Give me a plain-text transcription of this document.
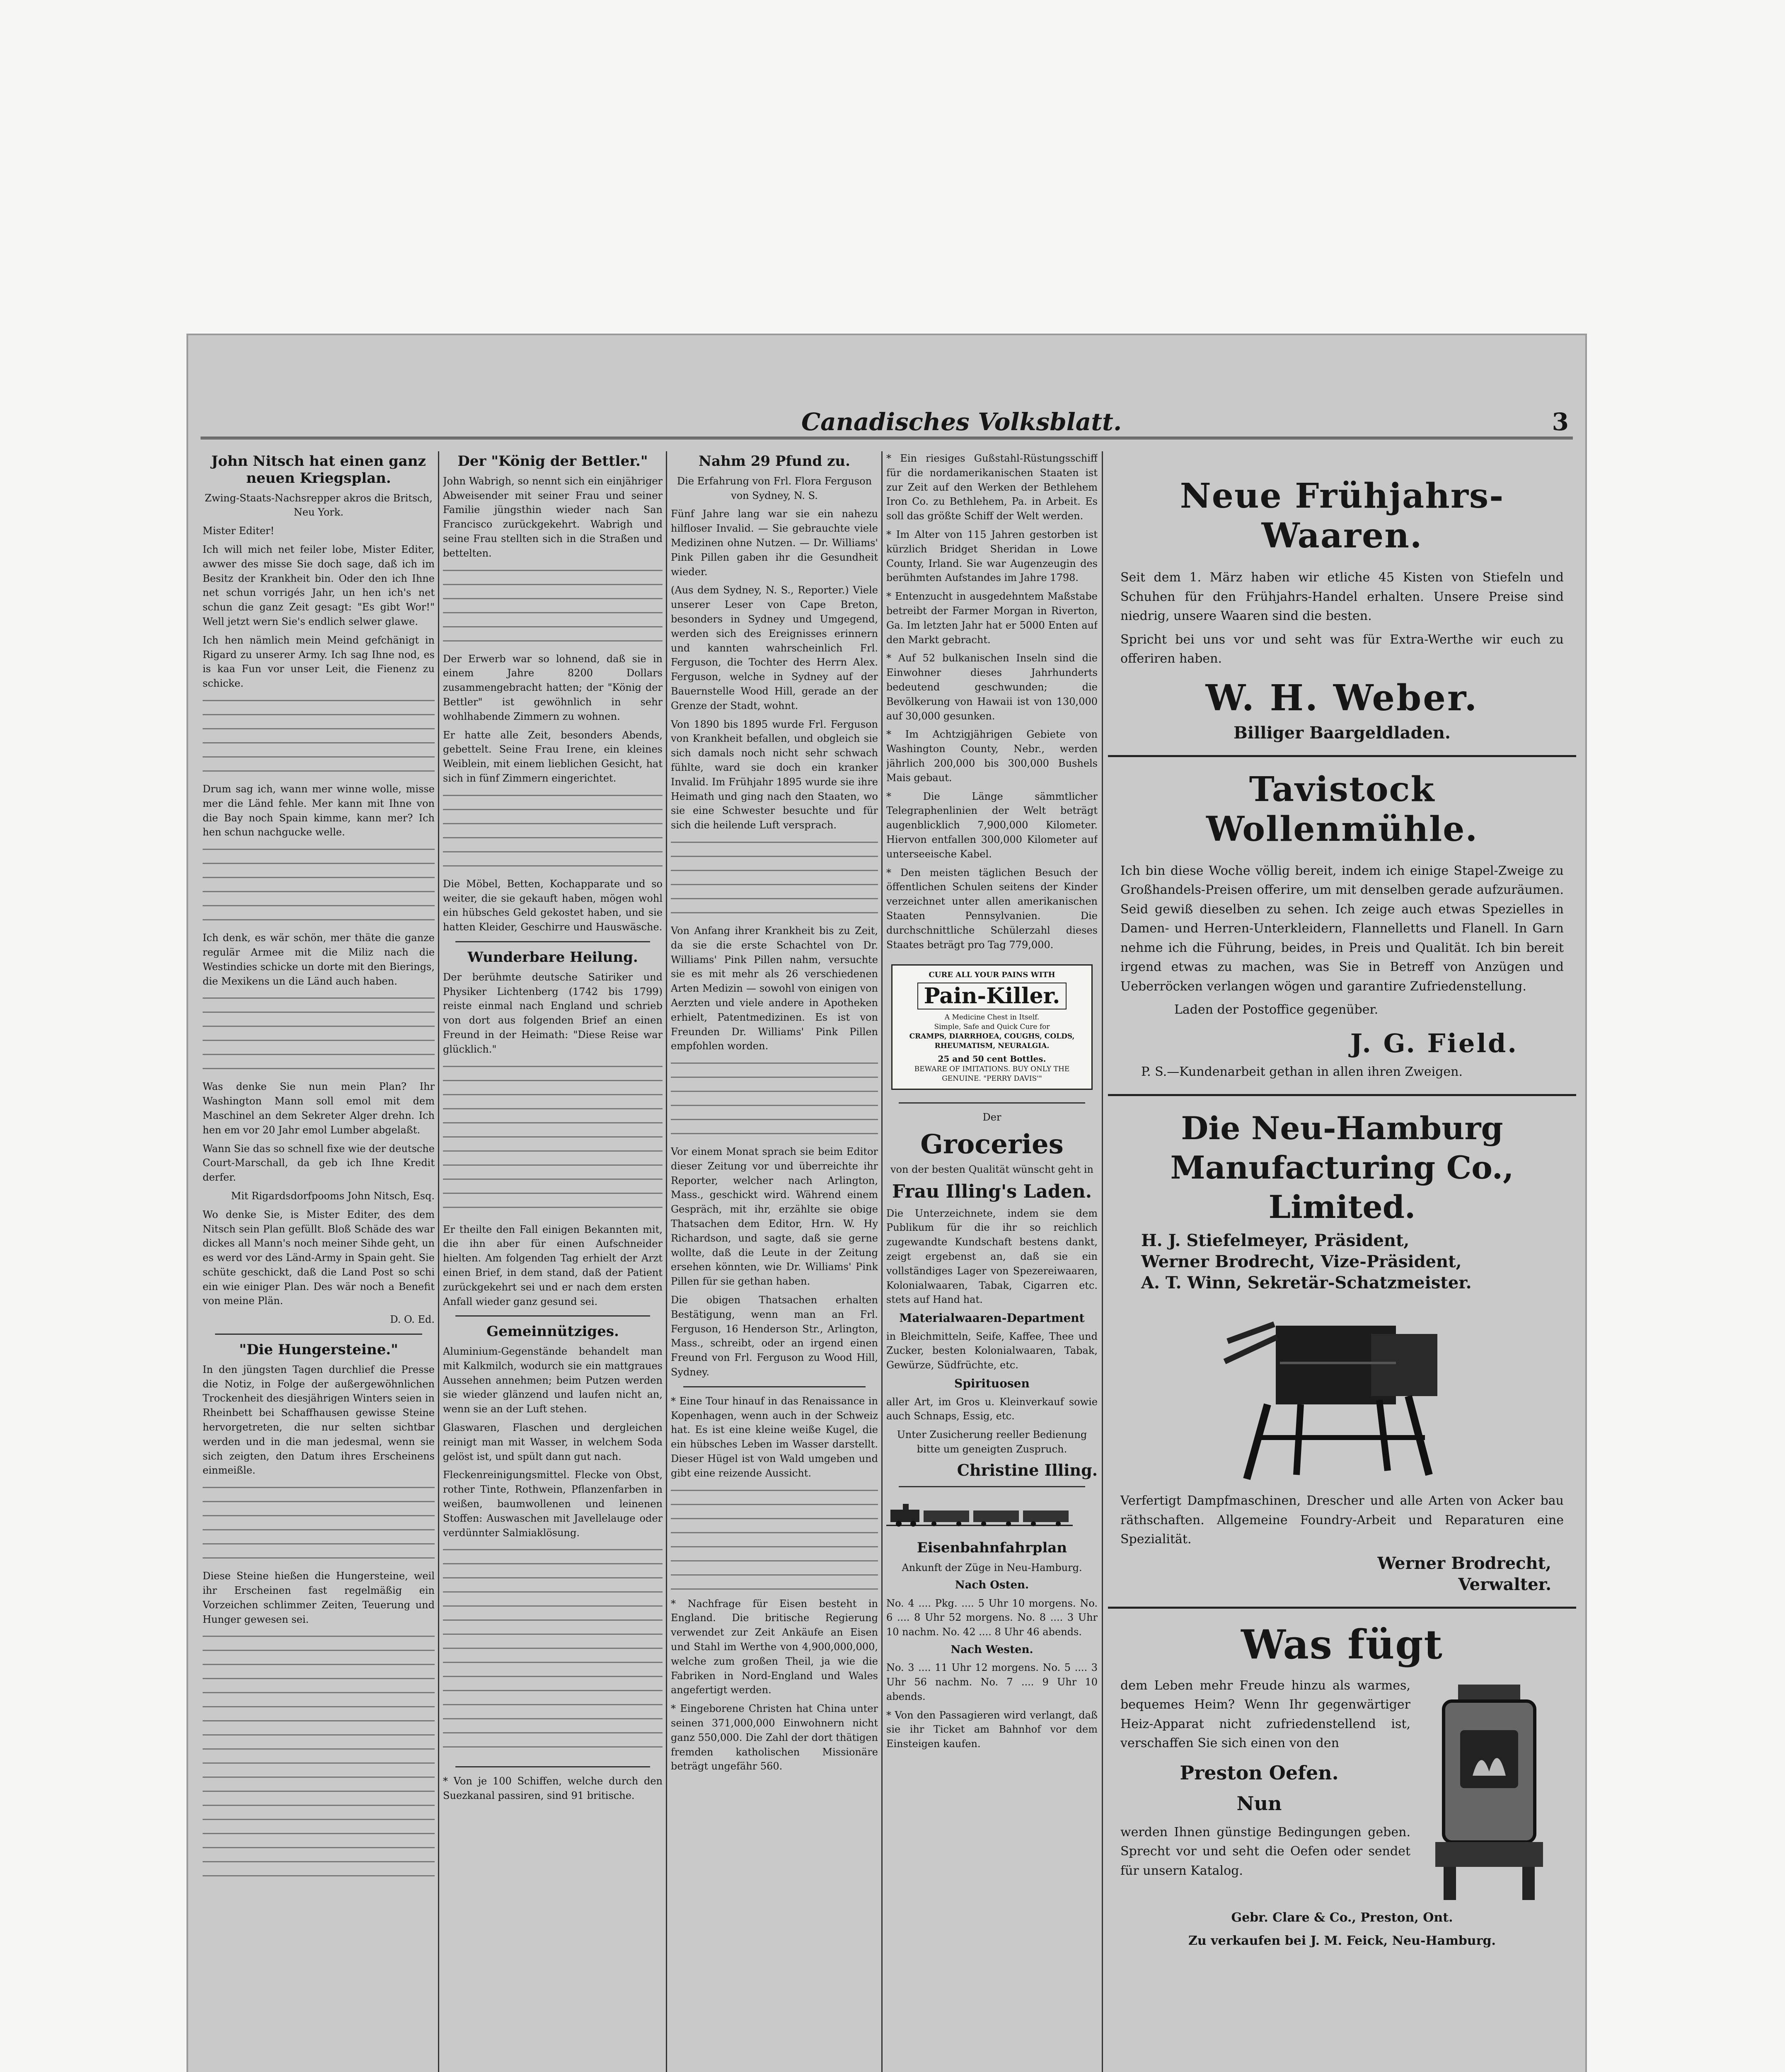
Canadisches Volksblatt.	3
John Nitsch hat einen ganz neuen Kriegsplan.

Zwing-Staats-Nachsrepper akros die Britsch, Neu York.

Mister Editer!

Ich will mich net feiler lobe, Mister Editer, awwer des misse Sie doch sage, daß ich im Besitz der Krankheit bin. Oder den ich Ihne net schun vorrigés Jahr, un hen ich's net schun die ganz Zeit gesagt: "Es gibt Wor!" Well jetzt wern Sie's endlich selwer glawe.

Ich hen nämlich mein Meind gefchänigt in Rigard zu unserer Army. Ich sag Ihne nod, es is kaa Fun vor unser Leit, die Fienenz zu schicke.

Drum sag ich, wann mer winne wolle, misse mer die Länd fehle. Mer kann mit Ihne von die Bay noch Spain kimme, kann mer? Ich hen schun nachgucke welle.

Ich denk, es wär schön, mer thäte die ganze regulär Armee mit die Miliz nach die Westindies schicke un dorte mit den Bierings, die Mexikens un die Länd auch haben.

Was denke Sie nun mein Plan? Ihr Washington Mann soll emol mit dem Maschinel an dem Sekreter Alger drehn. Ich hen em vor 20 Jahr emol Lumber abgelaßt.

Wann Sie das so schnell fixe wie der deutsche Court-Marschall, da geb ich Ihne Kredit derfer.

Mit Rigardsdorfpooms John Nitsch, Esq.

Wo denke Sie, is Mister Editer, des dem Nitsch sein Plan gefüllt. Bloß Schäde des war dickes all Mann's noch meiner Sihde geht, un es werd vor des Länd-Army in Spain geht. Sie schüte geschickt, daß die Land Post so schi ein wie einiger Plan. Des wär noch a Benefit von meine Plän.

D. O. Ed.

"Die Hungersteine."

In den jüngsten Tagen durchlief die Presse die Notiz, in Folge der außergewöhnlichen Trockenheit des diesjährigen Winters seien in Rheinbett bei Schaffhausen gewisse Steine hervorgetreten, die nur selten sichtbar werden und in die man jedesmal, wenn sie sich zeigten, den Datum ihres Erscheinens einmeißle.

Diese Steine hießen die Hungersteine, weil ihr Erscheinen fast regelmäßig ein Vorzeichen schlimmer Zeiten, Teuerung und Hunger gewesen sei.

Der "König der Bettler."

John Wabrigh, so nennt sich ein einjähriger Abweisender mit seiner Frau und seiner Familie jüngsthin wieder nach San Francisco zurückgekehrt. Wabrigh und seine Frau stellten sich in die Straßen und bettelten.

Der Erwerb war so lohnend, daß sie in einem Jahre 8200 Dollars zusammengebracht hatten; der "König der Bettler" ist gewöhnlich in sehr wohlhabende Zimmern zu wohnen.

Er hatte alle Zeit, besonders Abends, gebettelt. Seine Frau Irene, ein kleines Weiblein, mit einem lieblichen Gesicht, hat sich in fünf Zimmern eingerichtet.

Die Möbel, Betten, Kochapparate und so weiter, die sie gekauft haben, mögen wohl ein hübsches Geld gekostet haben, und sie hatten Kleider, Geschirre und Hauswäsche.

Wunderbare Heilung.

Der berühmte deutsche Satiriker und Physiker Lichtenberg (1742 bis 1799) reiste einmal nach England und schrieb von dort aus folgenden Brief an einen Freund in der Heimath: "Diese Reise war glücklich."

Er theilte den Fall einigen Bekannten mit, die ihn aber für einen Aufschneider hielten. Am folgenden Tag erhielt der Arzt einen Brief, in dem stand, daß der Patient zurückgekehrt sei und er nach dem ersten Anfall wieder ganz gesund sei.

Gemeinnütziges.

Aluminium-Gegenstände behandelt man mit Kalkmilch, wodurch sie ein mattgraues Aussehen annehmen; beim Putzen werden sie wieder glänzend und laufen nicht an, wenn sie an der Luft stehen.

Glaswaren, Flaschen und dergleichen reinigt man mit Wasser, in welchem Soda gelöst ist, und spült dann gut nach.

Fleckenreinigungsmittel. Flecke von Obst, rother Tinte, Rothwein, Pflanzenfarben in weißen, baumwollenen und leinenen Stoffen: Auswaschen mit Javellelauge oder verdünnter Salmiaklösung.

* Von je 100 Schiffen, welche durch den Suezkanal passiren, sind 91 britische.

Nahm 29 Pfund zu.

Die Erfahrung von Frl. Flora Ferguson von Sydney, N. S.

Fünf Jahre lang war sie ein nahezu hilfloser Invalid. — Sie gebrauchte viele Medizinen ohne Nutzen. — Dr. Williams' Pink Pillen gaben ihr die Gesundheit wieder.

(Aus dem Sydney, N. S., Reporter.) Viele unserer Leser von Cape Breton, besonders in Sydney und Umgegend, werden sich des Ereignisses erinnern und kannten wahrscheinlich Frl. Ferguson, die Tochter des Herrn Alex. Ferguson, welche in Sydney auf der Bauernstelle Wood Hill, gerade an der Grenze der Stadt, wohnt.

Von 1890 bis 1895 wurde Frl. Ferguson von Krankheit befallen, und obgleich sie sich damals noch nicht sehr schwach fühlte, ward sie doch ein kranker Invalid. Im Frühjahr 1895 wurde sie ihre Heimath und ging nach den Staaten, wo sie eine Schwester besuchte und für sich die heilende Luft versprach.

Von Anfang ihrer Krankheit bis zu Zeit, da sie die erste Schachtel von Dr. Williams' Pink Pillen nahm, versuchte sie es mit mehr als 26 verschiedenen Arten Medizin — sowohl von einigen von Aerzten und viele andere in Apotheken erhielt, Patentmedizinen. Es ist von Freunden Dr. Williams' Pink Pillen empfohlen worden.

Vor einem Monat sprach sie beim Editor dieser Zeitung vor und überreichte ihr Reporter, welcher nach Arlington, Mass., geschickt wird. Während einem Gespräch, mit ihr, erzählte sie obige Thatsachen dem Editor, Hrn. W. Hy Richardson, und sagte, daß sie gerne wollte, daß die Leute in der Zeitung ersehen könnten, wie Dr. Williams' Pink Pillen für sie gethan haben.

Die obigen Thatsachen erhalten Bestätigung, wenn man an Frl. Ferguson, 16 Henderson Str., Arlington, Mass., schreibt, oder an irgend einen Freund von Frl. Ferguson zu Wood Hill, Sydney.

* Eine Tour hinauf in das Renaissance in Kopenhagen, wenn auch in der Schweiz hat. Es ist eine kleine weiße Kugel, die ein hübsches Leben im Wasser darstellt. Dieser Hügel ist von Wald umgeben und gibt eine reizende Aussicht.

* Nachfrage für Eisen besteht in England. Die britische Regierung verwendet zur Zeit Ankäufe an Eisen und Stahl im Werthe von 4,900,000,000, welche zum großen Theil, ja wie die Fabriken in Nord-England und Wales angefertigt werden.

* Eingeborene Christen hat China unter seinen 371,000,000 Einwohnern nicht ganz 550,000. Die Zahl der dort thätigen fremden katholischen Missionäre beträgt ungefähr 560.

* Ein riesiges Gußstahl-Rüstungsschiff für die nordamerikanischen Staaten ist zur Zeit auf den Werken der Bethlehem Iron Co. zu Bethlehem, Pa. in Arbeit. Es soll das größte Schiff der Welt werden.

* Im Alter von 115 Jahren gestorben ist kürzlich Bridget Sheridan in Lowe County, Irland. Sie war Augenzeugin des berühmten Aufstandes im Jahre 1798.

* Entenzucht in ausgedehntem Maßstabe betreibt der Farmer Morgan in Riverton, Ga. Im letzten Jahr hat er 5000 Enten auf den Markt gebracht.

* Auf 52 bulkanischen Inseln sind die Einwohner dieses Jahrhunderts bedeutend geschwunden; die Bevölkerung von Hawaii ist von 130,000 auf 30,000 gesunken.

* Im Achtzigjährigen Gebiete von Washington County, Nebr., werden jährlich 200,000 bis 300,000 Bushels Mais gebaut.

* Die Länge sämmtlicher Telegraphenlinien der Welt beträgt augenblicklich 7,900,000 Kilometer. Hiervon entfallen 300,000 Kilometer auf unterseeische Kabel.

* Den meisten täglichen Besuch der öffentlichen Schulen seitens der Kinder verzeichnet unter allen amerikanischen Staaten Pennsylvanien. Die durchschnittliche Schülerzahl dieses Staates beträgt pro Tag 779,000.

CURE ALL YOUR PAINS WITH
Pain-Killer.
A Medicine Chest in Itself.
Simple, Safe and Quick Cure for
CRAMPS, DIARRHOEA, COUGHS, COLDS, RHEUMATISM, NEURALGIA.
25 and 50 cent Bottles.
BEWARE OF IMITATIONS. BUY ONLY THE GENUINE. "PERRY DAVIS'"

Der

Groceries

von der besten Qualität wünscht geht in

Frau Illing's Laden.

Die Unterzeichnete, indem sie dem Publikum für die ihr so reichlich zugewandte Kundschaft bestens dankt, zeigt ergebenst an, daß sie ein vollständiges Lager von Spezereiwaaren, Kolonialwaaren, Tabak, Cigarren etc. stets auf Hand hat.

Materialwaaren-Department

in Bleichmitteln, Seife, Kaffee, Thee und Zucker, besten Kolonialwaaren, Tabak, Gewürze, Südfrüchte, etc.

Spirituosen

aller Art, im Gros u. Kleinverkauf sowie auch Schnaps, Essig, etc.

Unter Zusicherung reeller Bedienung bitte um geneigten Zuspruch.

Christine Illing.
Eisenbahnfahrplan

Ankunft der Züge in Neu-Hamburg.

Nach Osten.

No. 4 .... Pkg. .... 5 Uhr 10 morgens. No. 6 .... 8 Uhr 52 morgens. No. 8 .... 3 Uhr 10 nachm. No. 42 .... 8 Uhr 46 abends.

Nach Westen.

No. 3 .... 11 Uhr 12 morgens. No. 5 .... 3 Uhr 56 nachm. No. 7 .... 9 Uhr 10 abends.

* Von den Passagieren wird verlangt, daß sie ihr Ticket am Bahnhof vor dem Einsteigen kaufen.

Neue Frühjahrs-Waaren.

Seit dem 1. März haben wir etliche 45 Kisten von Stiefeln und Schuhen für den Frühjahrs-Handel erhalten. Unsere Preise sind niedrig, unsere Waaren sind die besten.

Spricht bei uns vor und seht was für Extra-Werthe wir euch zu offeriren haben.

W. H. Weber.
Billiger Baargeldladen.
Tavistock Wollenmühle.

Ich bin diese Woche völlig bereit, indem ich einige Stapel-Zweige zu Großhandels-Preisen offerire, um mit denselben gerade aufzuräumen. Seid gewiß dieselben zu sehen. Ich zeige auch etwas Spezielles in Damen- und Herren-Unterkleidern, Flannelletts und Flanell. In Garn nehme ich die Führung, beides, in Preis und Qualität. Ich bin bereit irgend etwas zu machen, was Sie in Betreff von Anzügen und Ueberröcken verlangen wögen und garantire Zufriedenstellung.

Laden der Postoffice gegenüber.

J. G. Field.

P. S.—Kundenarbeit gethan in allen ihren Zweigen.

Die Neu-Hamburg Manufacturing Co., Limited.
H. J. Stiefelmeyer, Präsident,
Werner Brodrecht, Vize-Präsident,
A. T. Winn, Sekretär-Schatzmeister.

Verfertigt Dampfmaschinen, Drescher und alle Arten von Acker bau räthschaften. Allgemeine Foundry-Arbeit und Reparaturen eine Spezialität.

Werner Brodrecht,
Verwalter.
Was fügt

dem Leben mehr Freude hinzu als warmes, bequemes Heim? Wenn Ihr gegenwärtiger Heiz-Apparat nicht zufriedenstellend ist, verschaffen Sie sich einen von den

Preston Oefen.
Nun

werden Ihnen günstige Bedingungen geben. Sprecht vor und seht die Oefen oder sendet für unsern Katalog.

Gebr. Clare & Co., Preston, Ont.

Zu verkaufen bei J. M. Feick, Neu-Hamburg.
